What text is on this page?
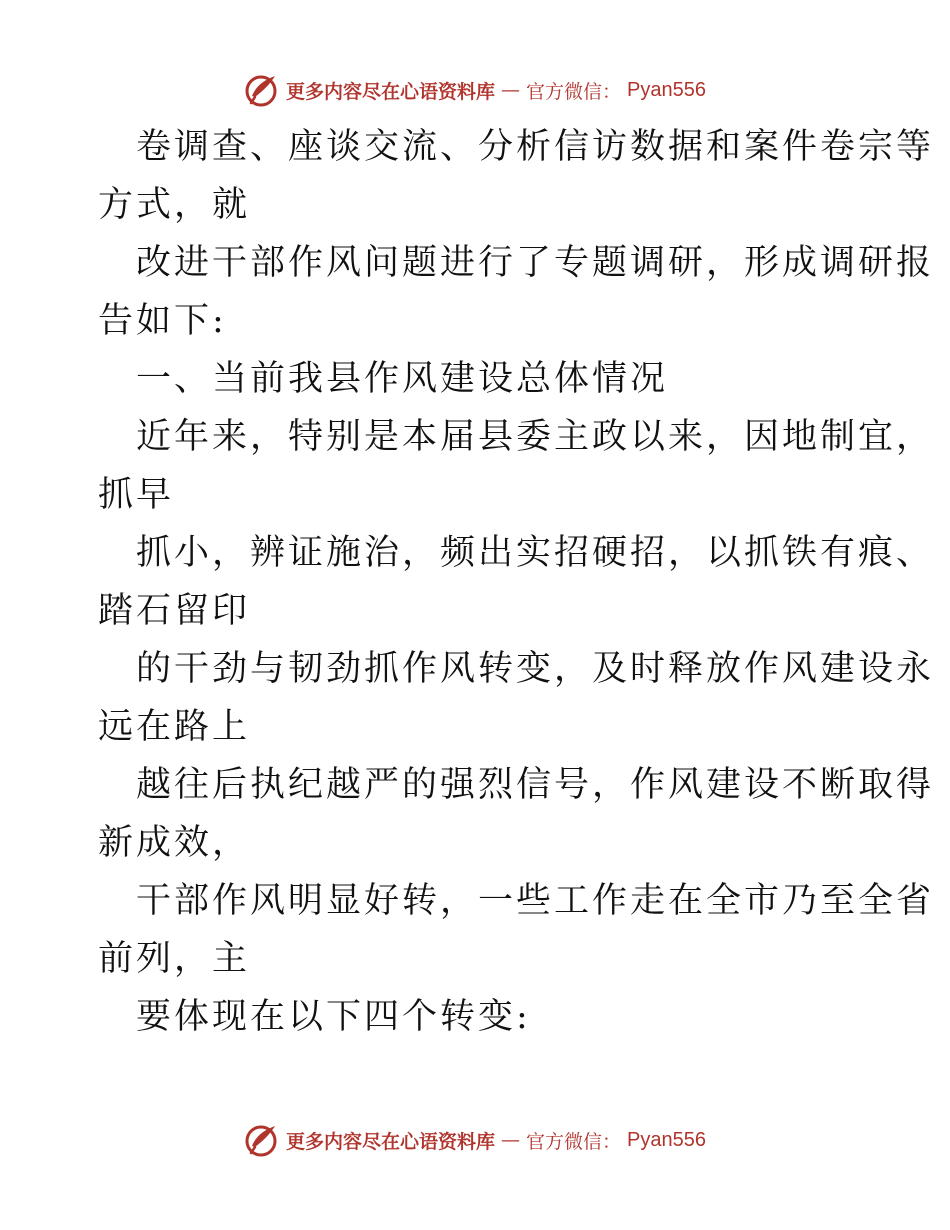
更多内容尽在心语资料库 — 官方微信： Pyan556
卷调查、座谈交流、分析信访数据和案件卷宗等
方式，就
改进干部作风问题进行了专题调研，形成调研报
告如下:
一、当前我县作风建设总体情况
近年来，特别是本届县委主政以来，因地制宜，
抓早
抓小，辨证施治，频出实招硬招，以抓铁有痕、
踏石留印
的干劲与韧劲抓作风转变，及时释放作风建设永
远在路上
越往后执纪越严的强烈信号，作风建设不断取得
新成效，
干部作风明显好转，一些工作走在全市乃至全省
前列，主
要体现在以下四个转变:
更多内容尽在心语资料库 — 官方微信： Pyan556
